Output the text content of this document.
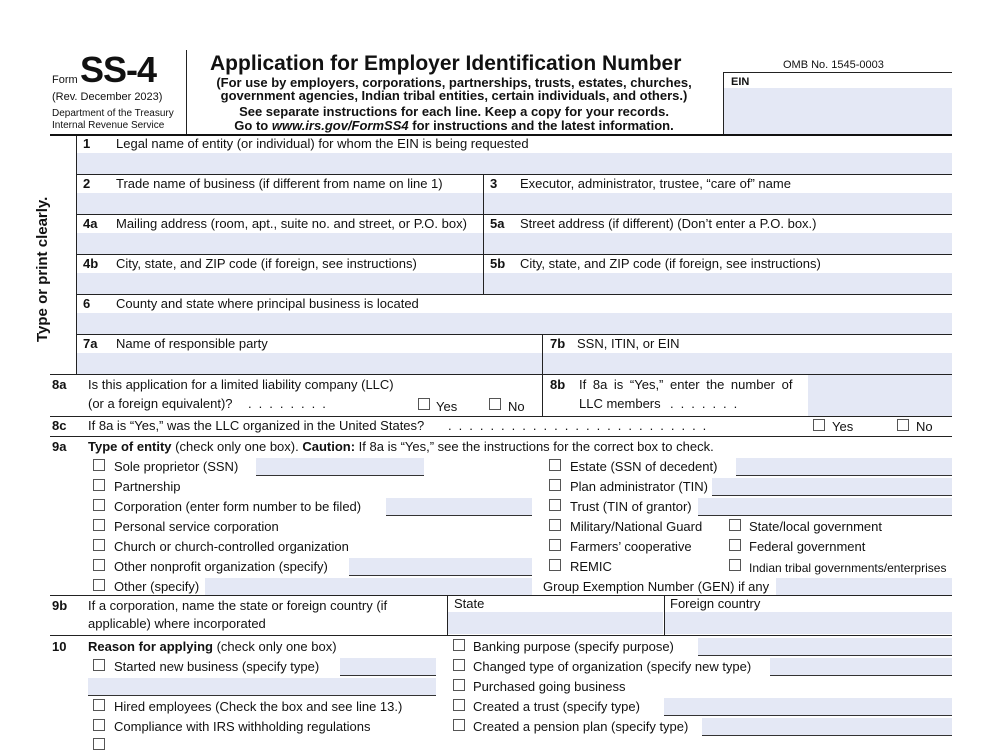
Form SS-4
(Rev. December 2023)
Department of the Treasury
Internal Revenue Service
Application for Employer Identification Number
(For use by employers, corporations, partnerships, trusts, estates, churches,
government agencies, Indian tribal entities, certain individuals, and others.)
See separate instructions for each line. Keep a copy for your records.
Go to www.irs.gov/FormSS4 for instructions and the latest information.
OMB No. 1545-0003
EIN
Type or print clearly.
1 Legal name of entity (or individual) for whom the EIN is being requested
2 Trade name of business (if different from name on line 1)	3 Executor, administrator, trustee, “care of” name
4a Mailing address (room, apt., suite no. and street, or P.O. box) 5a Street address (if different) (Don’t enter a P.O. box.)
4b City, state, and ZIP code (if foreign, see instructions)	5b City, state, and ZIP code (if foreign, see instructions)
6 County and state where principal business is located
7a Name of responsible party	7b SSN, ITIN, or EIN
8a Is this application for a limited liability company (LLC)
(or a foreign equivalent)? ........	Yes	No
8b If 8a is “Yes,” enter the number of
LLC members .......
8c If 8a is “Yes,” was the LLC organized in the United States? .........................	Yes	No
9a Type of entity (check only one box). Caution: If 8a is “Yes,” see the instructions for the correct box to check.
Sole proprietor (SSN)
Partnership
Corporation (enter form number to be filed)
Personal service corporation
Church or church-controlled organization
Other nonprofit organization (specify)
Other (specify)
Estate (SSN of decedent)
Plan administrator (TIN)
Trust (TIN of grantor)
Military/National Guard
Farmers’ cooperative
REMIC
State/local government
Federal government
Indian tribal governments/enterprises
Group Exemption Number (GEN) if any
9b If a corporation, name the state or foreign country (if
applicable) where incorporated
State	Foreign country
10 Reason for applying (check only one box)
Started new business (specify type)
Hired employees (Check the box and see line 13.)
Compliance with IRS withholding regulations
Banking purpose (specify purpose)
Changed type of organization (specify new type)
Purchased going business
Created a trust (specify type)
Created a pension plan (specify type)
